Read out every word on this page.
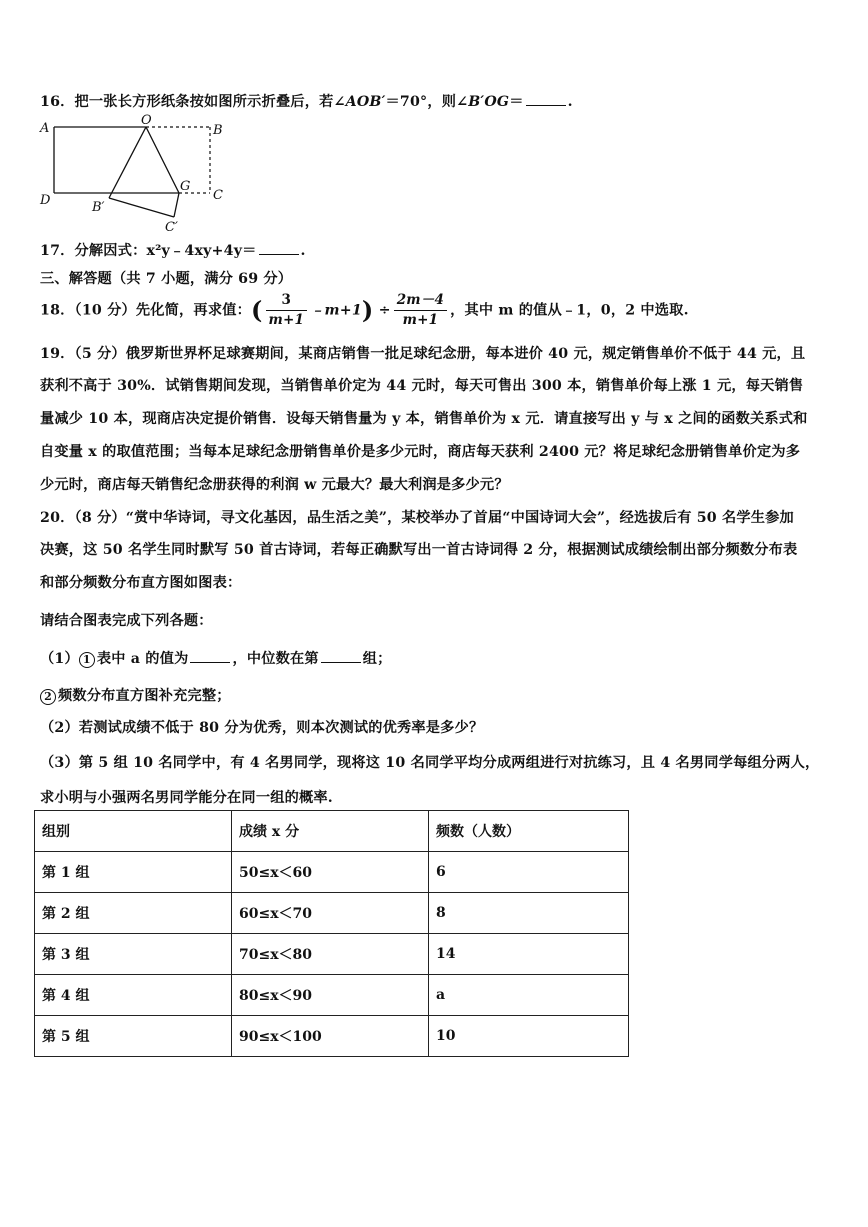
16．把一张长方形纸条按如图所示折叠后，若∠AOB′＝70°，则∠B′OG＝	.
A
O
B
D	B′
G
C
C′
17．分解因式：x²y﹣4xy+4y＝	.
三、解答题（共 7 小题，满分 69 分）
18．（10 分）先化简，再求值：( $\frac{3}{m+1}$ ﹣m+1) ÷ $\frac{2m-4}{m+1}$ ，其中 m 的值从﹣1，0，2 中选取.
19．（5 分）俄罗斯世界杯足球赛期间，某商店销售一批足球纪念册，每本进价 40 元，规定销售单价不低于 44 元，且
获利不高于 30%．试销售期间发现，当销售单价定为 44 元时，每天可售出 300 本，销售单价每上涨 1 元，每天销售
量减少 10 本，现商店决定提价销售．设每天销售量为 y 本，销售单价为 x 元．请直接写出 y 与 x 之间的函数关系式和
自变量 x 的取值范围；当每本足球纪念册销售单价是多少元时，商店每天获利 2400 元？将足球纪念册销售单价定为多
少元时，商店每天销售纪念册获得的利润 w 元最大？最大利润是多少元？
20．（8 分）“赏中华诗词，寻文化基因，品生活之美”，某校举办了首届“中国诗词大会”，经选拔后有 50 名学生参加
决赛，这 50 名学生同时默写 50 首古诗词，若每正确默写出一首古诗词得 2 分，根据测试成绩绘制出部分频数分布表
和部分频数分布直方图如图表：
请结合图表完成下列各题：
（1） 1 表中 a 的值为	，中位数在第	组；
2 频数分布直方图补充完整；
（2）若测试成绩不低于 80 分为优秀，则本次测试的优秀率是多少？
（3）第 5 组 10 名同学中，有 4 名男同学，现将这 10 名同学平均分成两组进行对抗练习，且 4 名男同学每组分两人，
求小明与小强两名男同学能分在同一组的概率.
组别	成绩 x 分	频数（人数）
第 1 组	50≤x＜60	6
第 2 组	60≤x＜70	8
第 3 组	70≤x＜80	14
第 4 组	80≤x＜90	a
第 5 组	90≤x＜100	10
